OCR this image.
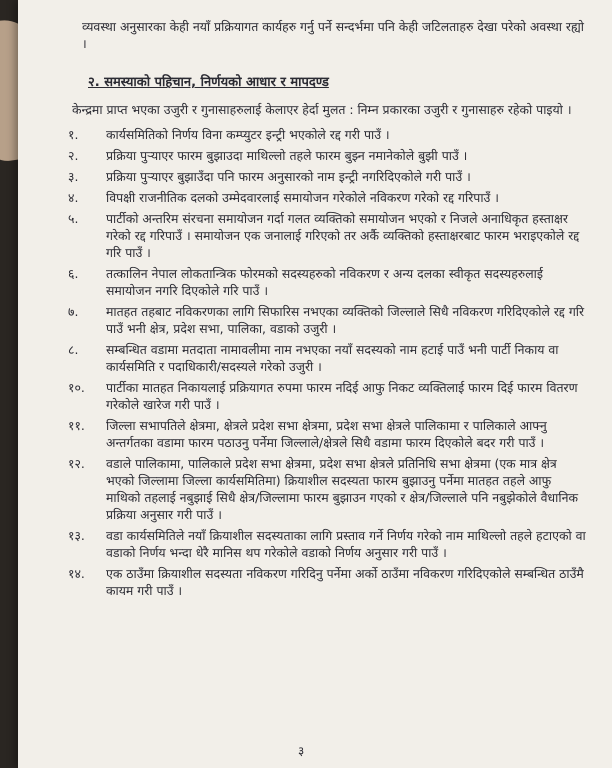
व्यवस्था अनुसारका केही नयाँ प्रक्रियागत कार्यहरु गर्नु पर्ने सन्दर्भमा पनि केही जटिलताहरु देखा परेको अवस्था रह्यो ।

२. समस्याको पहिचान, निर्णयको आधार र मापदण्ड

केन्द्रमा प्राप्त भएका उजुरी र गुनासाहरुलाई केलाएर हेर्दा मुलत : निम्न प्रकारका उजुरी र गुनासाहरु रहेको पाइयो ।

१.	कार्यसमितिको निर्णय विना कम्प्युटर इन्ट्री भएकोले रद्द गरी पाउँ ।
२.	प्रक्रिया पुऱ्याएर फारम बुझाउदा माथिल्लो तहले फारम बुझ्न नमानेकोले बुझी पाउँ ।
३.	प्रक्रिया पुऱ्याएर बुझाउँदा पनि फारम अनुसारको नाम इन्ट्री नगरिदिएकोले गरी पाउँ ।
४.	विपक्षी राजनीतिक दलको उम्मेदवारलाई समायोजन गरेकोले नविकरण गरेको रद्द गरिपाउँ ।
५.	पार्टीको अन्तरिम संरचना समायोजन गर्दा गलत व्यक्तिको समायोजन भएको र निजले अनाधिकृत हस्ताक्षर गरेको रद्द गरिपाउँ । समायोजन एक जनालाई गरिएको तर अर्कै व्यक्तिको हस्ताक्षरबाट फारम भराइएकोले रद्द गरि पाउँ ।
६.	तत्कालिन नेपाल लोकतान्त्रिक फोरमको सदस्यहरुको नविकरण र अन्य दलका स्वीकृत सदस्यहरुलाई समायोजन नगरि दिएकोले गरि पाउँ ।
७.	मातहत तहबाट नविकरणका लागि सिफारिस नभएका व्यक्तिको जिल्लाले सिधै नविकरण गरिदिएकोले रद्द गरि पाउँ भनी क्षेत्र, प्रदेश सभा, पालिका, वडाको उजुरी ।
८.	सम्बन्धित वडामा मतदाता नामावलीमा नाम नभएका नयाँ सदस्यको नाम हटाई पाउँ भनी पार्टी निकाय वा कार्यसमिति र पदाधिकारी/सदस्यले गरेको उजुरी ।
१०.	पार्टीका मातहत निकायलाई प्रक्रियागत रुपमा फारम नदिई आफु निकट व्यक्तिलाई फारम दिई फारम वितरण गरेकोले खारेज गरी पाउँ ।
११.	जिल्ला सभापतिले क्षेत्रमा, क्षेत्रले प्रदेश सभा क्षेत्रमा, प्रदेश सभा क्षेत्रले पालिकामा र पालिकाले आफ्नु अन्तर्गतका वडामा फारम पठाउनु पर्नेमा जिल्लाले/क्षेत्रले सिधै वडामा फारम दिएकोले बदर गरी पाउँ ।
१२.	वडाले पालिकामा, पालिकाले प्रदेश सभा क्षेत्रमा, प्रदेश सभा क्षेत्रले प्रतिनिधि सभा क्षेत्रमा (एक मात्र क्षेत्र भएको जिल्लामा जिल्ला कार्यसमितिमा) क्रियाशील सदस्यता फारम बुझाउनु पर्नेमा मातहत तहले आफु माथिको तहलाई नबुझाई सिधै क्षेत्र/जिल्लामा फारम बुझाउन गएको र क्षेत्र/जिल्लाले पनि नबुझेकोले वैधानिक प्रक्रिया अनुसार गरी पाउँ ।
१३.	वडा कार्यसमितिले नयाँ क्रियाशील सदस्यताका लागि प्रस्ताव गर्ने निर्णय गरेको नाम माथिल्लो तहले हटाएको वा वडाको निर्णय भन्दा धेरै मानिस थप गरेकोले वडाको निर्णय अनुसार गरी पाउँ ।
१४.	एक ठाउँमा क्रियाशील सदस्यता नविकरण गरिदिनु पर्नेमा अर्को ठाउँमा नविकरण गरिदिएकोले सम्बन्धित ठाउँमै कायम गरी पाउँ ।
३
